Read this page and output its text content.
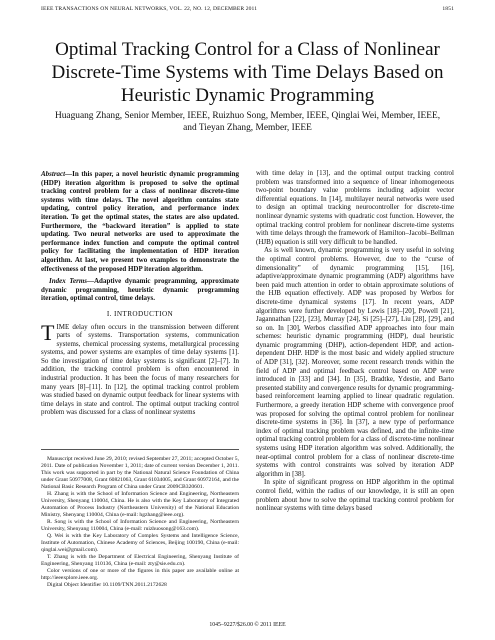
IEEE TRANSACTIONS ON NEURAL NETWORKS, VOL. 22, NO. 12, DECEMBER 2011	1851
Optimal Tracking Control for a Class of Nonlinear Discrete-Time Systems with Time Delays Based on Heuristic Dynamic Programming
Huaguang Zhang, Senior Member, IEEE, Ruizhuo Song, Member, IEEE, Qinglai Wei, Member, IEEE,
and Tieyan Zhang, Member, IEEE

Abstract—In this paper, a novel heuristic dynamic programming (HDP) iteration algorithm is proposed to solve the optimal tracking control problem for a class of nonlinear discrete-time systems with time delays. The novel algorithm contains state updating, control policy iteration, and performance index iteration. To get the optimal states, the states are also updated. Furthermore, the “backward iteration” is applied to state updating. Two neural networks are used to approximate the performance index function and compute the optimal control policy for facilitating the implementation of HDP iteration algorithm. At last, we present two examples to demonstrate the effectiveness of the proposed HDP iteration algorithm.

Index Terms—Adaptive dynamic programming, approximate dynamic programming, heuristic dynamic programming iteration, optimal control, time delays.

I. INTRODUCTION

TIME delay often occurs in the transmission between different parts of systems. Transportation systems, communication systems, chemical processing systems, metallurgical processing systems, and power systems are examples of time delay systems [1]. So the investigation of time delay systems is significant [2]–[7]. In addition, the tracking control problem is often encountered in industrial production. It has been the focus of many researchers for many years [8]–[11]. In [12], the optimal tracking control problem was studied based on dynamic output feedback for linear systems with time delays in state and control. The optimal output tracking control problem was discussed for a class of nonlinear systems

Manuscript received June 29, 2010; revised September 27, 2011; accepted October 5, 2011. Date of publication November 1, 2011; date of current version December 1, 2011. This work was supported in part by the National Natural Science Foundation of China under Grant 50977008, Grant 60821063, Grant 61034005, and Grant 60972164, and the National Basic Research Program of China under Grant 2009CB320601.

H. Zhang is with the School of Information Science and Engineering, Northeastern University, Shenyang 110004, China. He is also with the Key Laboratory of Integrated Automation of Process Industry (Northeastern University) of the National Education Ministry, Shenyang 110004, China (e-mail: hgzhang@ieee.org).

R. Song is with the School of Information Science and Engineering, Northeastern University, Shenyang 110004, China (e-mail: ruizhuosong@163.com).

Q. Wei is with the Key Laboratory of Complex Systems and Intelligence Science, Institute of Automation, Chinese Academy of Sciences, Beijing 100190, China (e-mail: qinglai.wei@gmail.com).

T. Zhang is with the Department of Electrical Engineering, Shenyang Institute of Engineering, Shenyang 110136, China (e-mail: zty@sie.edu.cn).

Color versions of one or more of the figures in this paper are available online at http://ieeexplore.ieee.org.

Digital Object Identifier 10.1109/TNN.2011.2172628

with time delay in [13], and the optimal output tracking control problem was transformed into a sequence of linear inhomogeneous two-point boundary value problems including adjoint vector differential equations. In [14], multilayer neural networks were used to design an optimal tracking neurocontroller for discrete-time nonlinear dynamic systems with quadratic cost function. However, the optimal tracking control problem for nonlinear discrete-time systems with time delays through the framework of Hamilton–Jacobi–Bellman (HJB) equation is still very difficult to be handled.

As is well known, dynamic programming is very useful in solving the optimal control problems. However, due to the “curse of dimensionality” of dynamic programming [15], [16], adaptive/approximate dynamic programming (ADP) algorithms have been paid much attention in order to obtain approximate solutions of the HJB equation effectively. ADP was proposed by Werbos for discrete-time dynamical systems [17]. In recent years, ADP algorithms were further developed by Lewis [18]–[20], Powell [21], Jagannathan [22], [23], Murray [24], Si [25]–[27], Liu [28], [29], and so on. In [30], Werbos classified ADP approaches into four main schemes: heuristic dynamic programming (HDP), dual heuristic dynamic programming (DHP), action-dependent HDP, and action-dependent DHP. HDP is the most basic and widely applied structure of ADP [31], [32]. Moreover, some recent research trends within the field of ADP and optimal feedback control based on ADP were introduced in [33] and [34]. In [35], Bradtke, Ydestie, and Barto presented stability and convergence results for dynamic programming-based reinforcement learning applied to linear quadratic regulation. Furthermore, a greedy iteration HDP scheme with convergence proof was proposed for solving the optimal control problem for nonlinear discrete-time systems in [36]. In [37], a new type of performance index of optimal tracking problem was defined, and the infinite-time optimal tracking control problem for a class of discrete-time nonlinear systems using HDP iteration algorithm was solved. Additionally, the near-optimal control problem for a class of nonlinear discrete-time systems with control constraints was solved by iteration ADP algorithm in [38].

In spite of significant progress on HDP algorithm in the optimal control field, within the radius of our knowledge, it is still an open problem about how to solve the optimal tracking control problem for nonlinear systems with time delays based

1045–9227/$26.00 © 2011 IEEE
